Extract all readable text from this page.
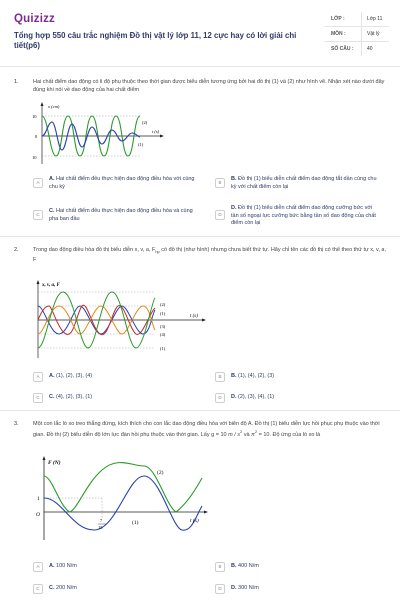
Quizizz
Tổng hợp 550 câu trắc nghiệm Đồ thị vật lý lớp 11, 12 cực hay có lời giải chi tiết(p6)
LỚP :	Lớp 11
MÔN :	Vật lý
SỐ CÂU :	40
1.	Hai chất điểm dao động có li độ phụ thuộc theo thời gian được biểu diễn tương ứng bởi hai đồ thị (1) và (2) như hình vẽ. Nhận xét nào dưới đây đúng khi nói về dao động của hai chất điểm
x (cm)
10
0
10
t (s)
(2)
(1)
A
A. Hai chất điểm đều thực hiện dao động điều hòa với cùng chu kỳ
B
B. Đồ thị (1) biểu diễn chất điểm dao động tắt dần cùng chu kỳ với chất điểm còn lại
C
C. Hai chất điểm đều thực hiện dao động điều hòa và cùng pha ban đầu
D
D. Đồ thị (1) biểu diễn chất điểm dao động cưỡng bức với tần số ngoại lực cưỡng bức bằng tần số dao động của chất điểm còn lại
2.	Trong dao động điều hòa đồ thị biểu diễn x, v, a, $F_{hp}$ có đồ thị (như hình) nhưng chưa biết thứ tự. Hãy chỉ tên các đồ thị có thể theo thứ tự x, v, a, F
x, v, a, F
t (s)
(2)
(1)
(3)
(4)
(1)
A	A. (1), (2), (3), (4)	B	B. (1), (4), (2), (3)
C	C. (4), (2), (3), (1)	D	D. (2), (3), (4), (1)
3.	Một con lắc lò xo treo thẳng đứng, kích thích cho con lắc dao động điều hòa với biên độ A. Đồ thị (1) biểu diễn lực hồi phục phụ thuộc vào thời gian. Đồ thị (2) biểu diễn độ lớn lực đàn hồi phụ thuộc vào thời gian. Lấy g = 10 m / $s^2$ và $\pi^2 = 10$. Độ ứng của lò xo là
F (N)
1
O
t (s)
7
15
(2)
(1)
A	A. 100 N/m	B	B. 400 N/m
C	C. 200 N/m	D	D. 300 N/m
